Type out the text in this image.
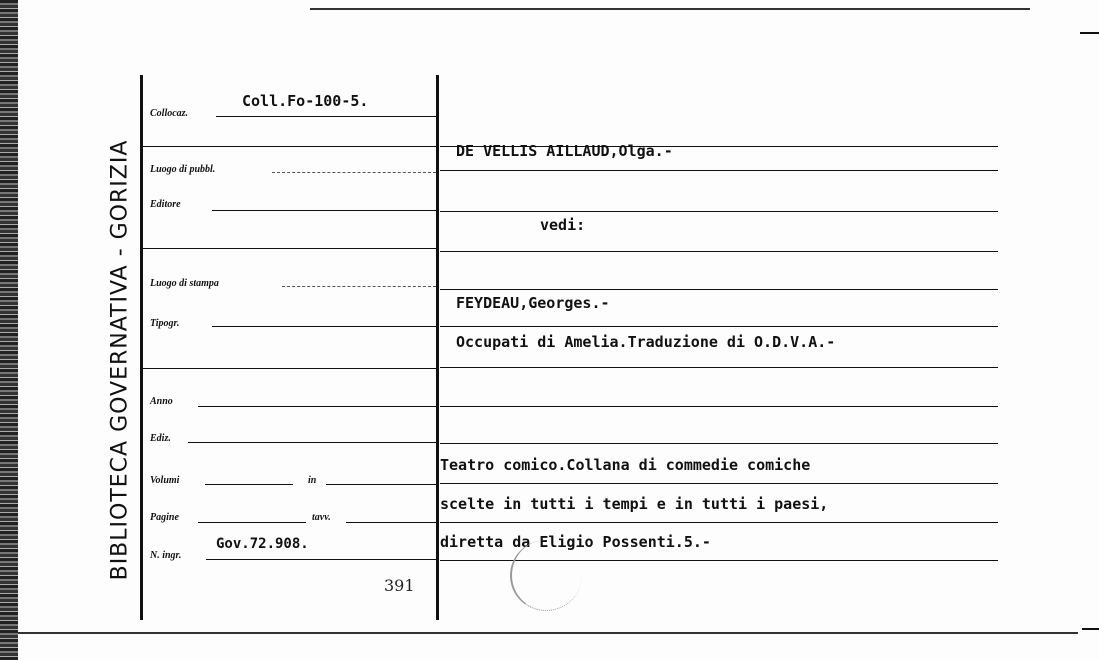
BIBLIOTECA GOVERNATIVA - GORIZIA
Collocaz.
Coll.Fo-100-5.
Luogo di pubbl.
Editore
Luogo di stampa
Tipogr.
Anno
Ediz.
Volumi	in
Pagine	tavv.
N. ingr.
Gov.72.908.
391
DE VELLIS AILLAUD,Olga.-
vedi:
FEYDEAU,Georges.-
Occupati di Amelia.Traduzione di O.D.V.A.-
Teatro comico.Collana di commedie comiche
scelte in tutti i tempi e in tutti i paesi,
diretta da Eligio Possenti.5.-
